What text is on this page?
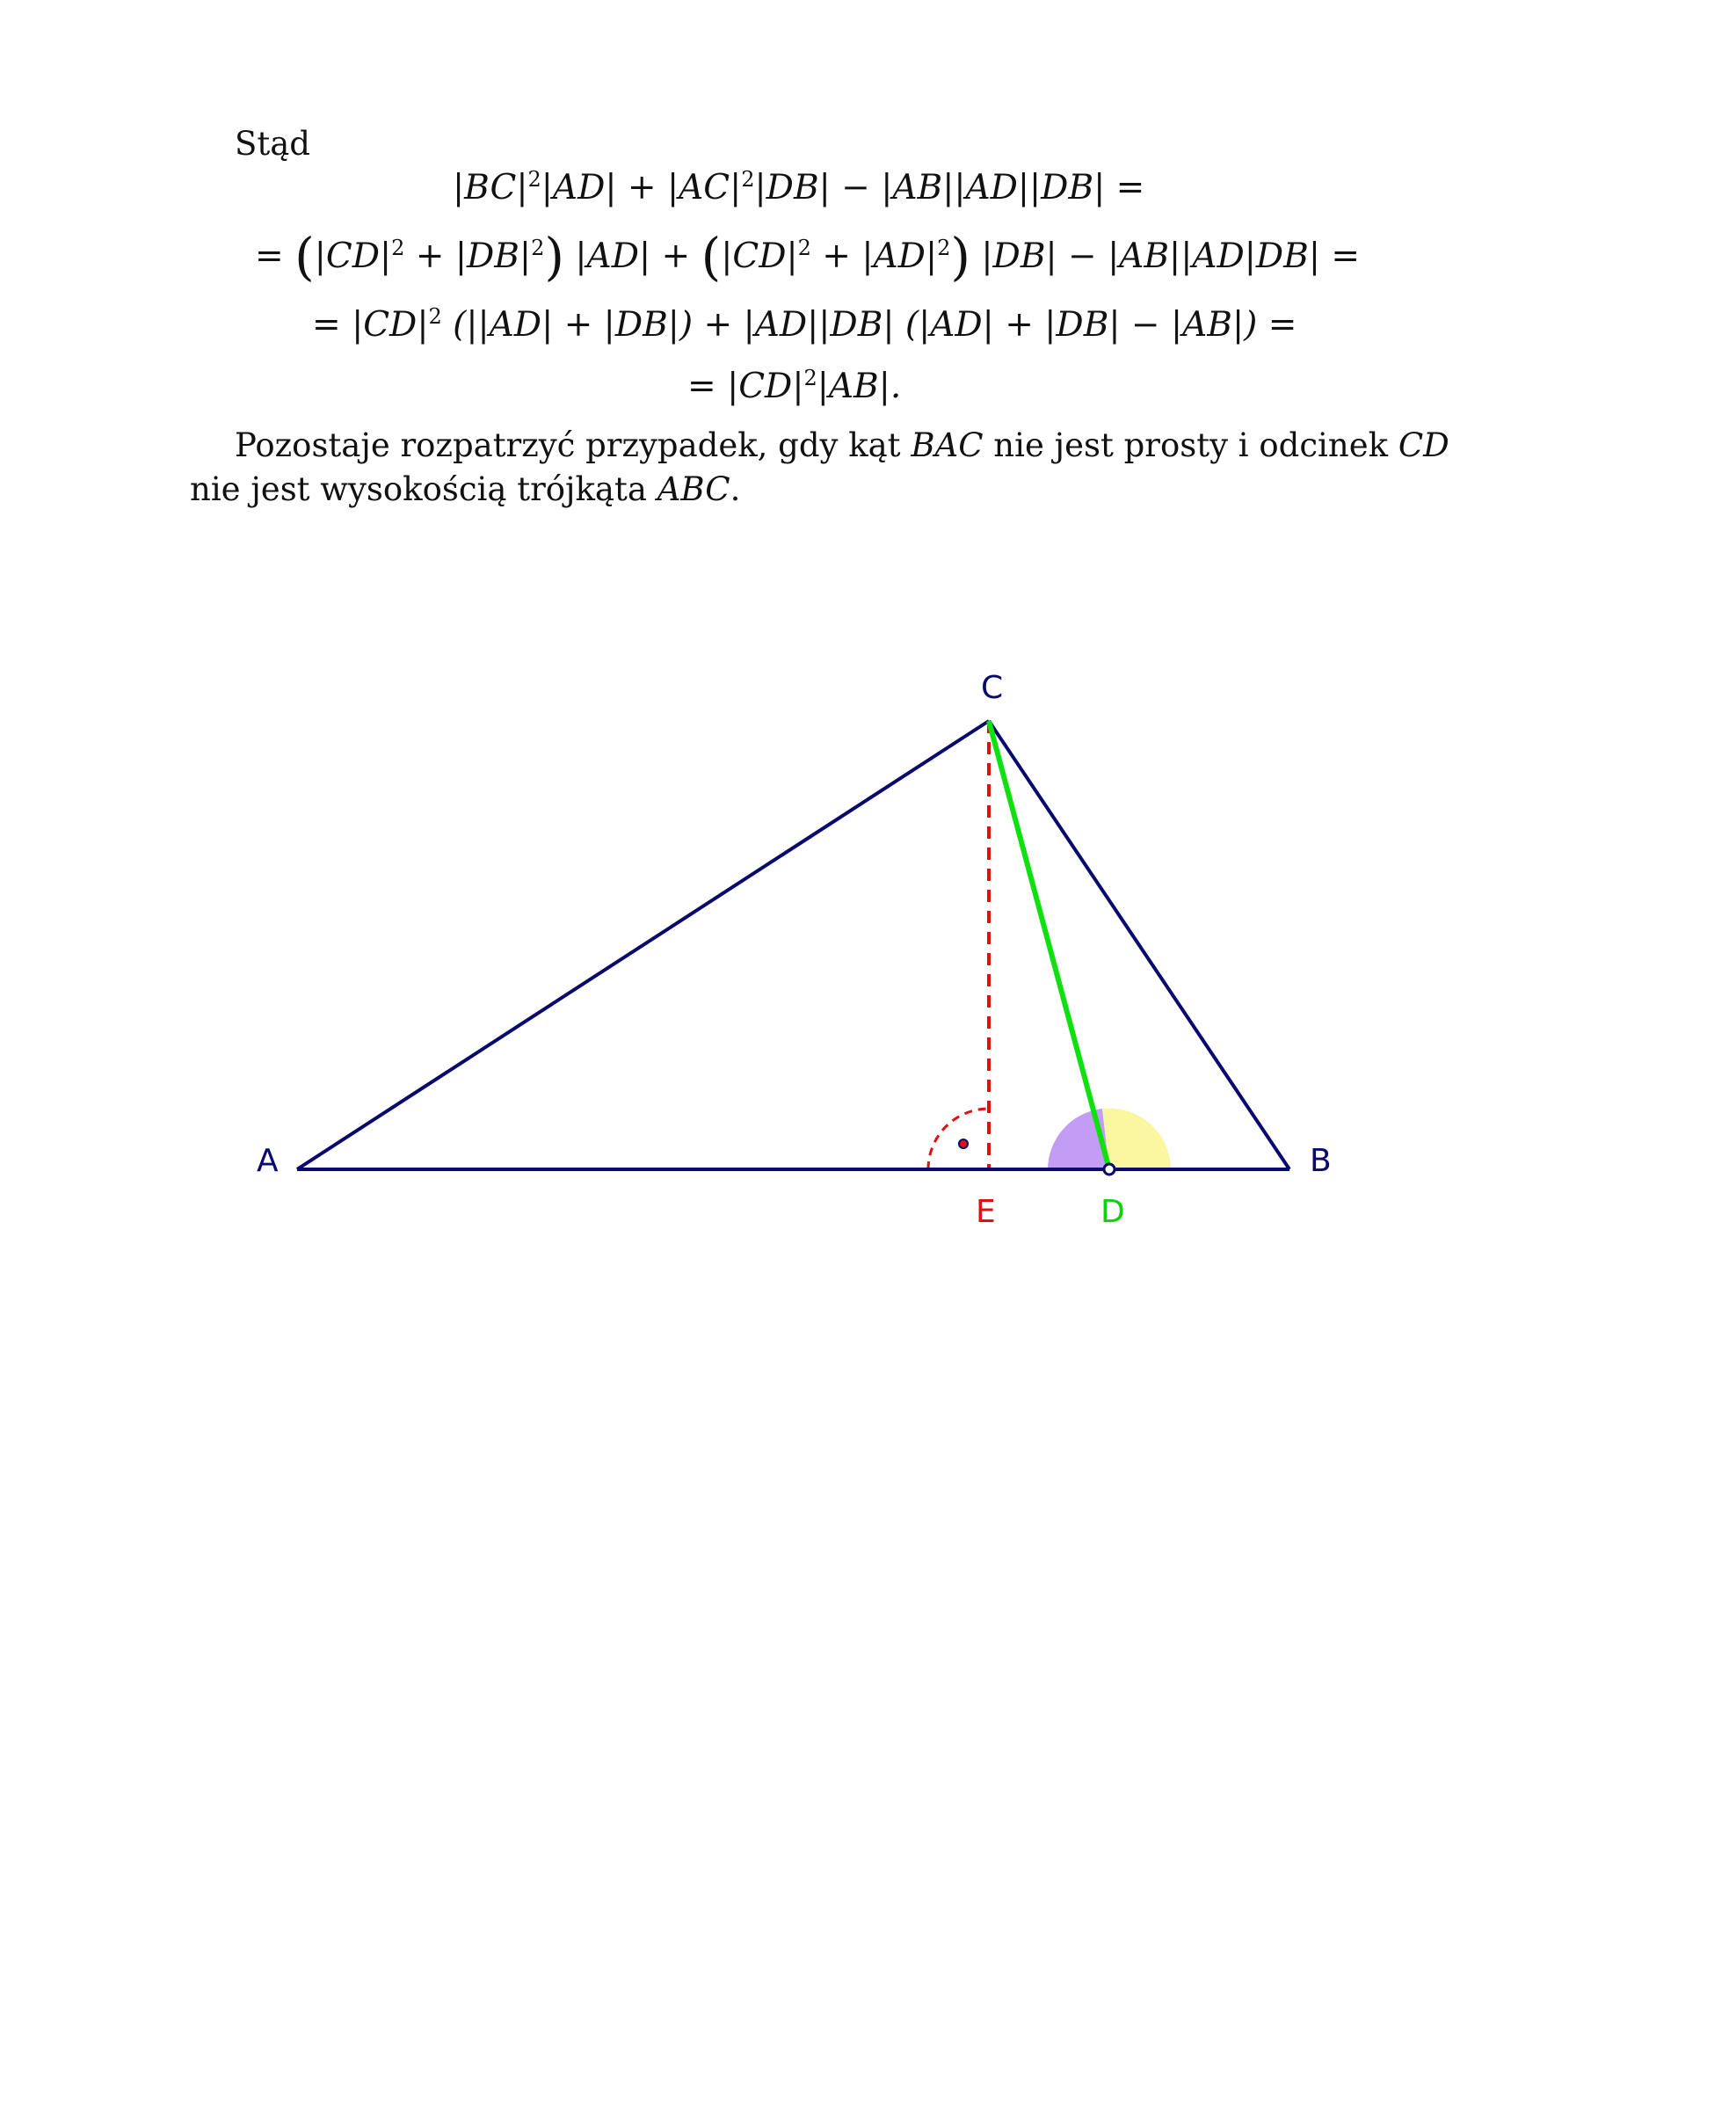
Stąd
$|BC|^2|AD| + |AC|^2|DB| - |AB||AD||DB|$ =
= $(|CD|^2 + |DB|^2) |AD| + (|CD|^2 + |AD|^2) |DB| - |AB||AD|DB|$ =
= $|CD|^2$ (||AD| + |DB|) + |AD||DB| (|AD| + |DB| − |AB|) =
= $|CD|^2|AB|$.
Pozostaje rozpatrzyć przypadek, gdy kąt BAC nie jest prosty i odcinek CD
nie jest wysokością trójkąta ABC.
A	B
C
E	D
